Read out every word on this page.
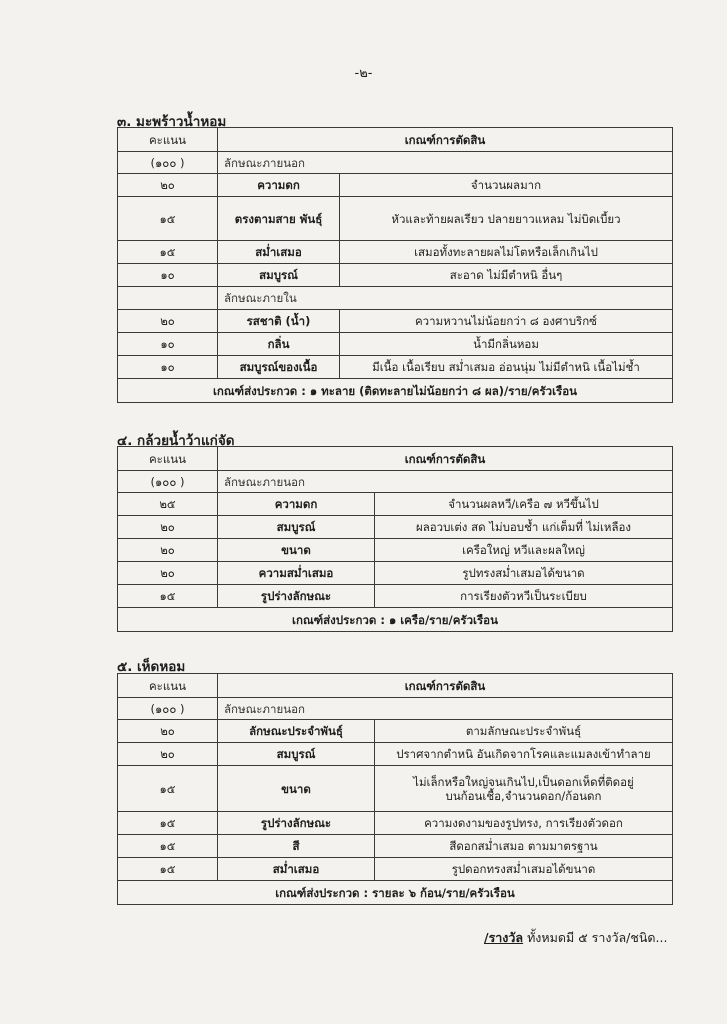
-๒-
๓. มะพร้าวน้ำหอม
คะแนน	เกณฑ์การตัดสิน	
(๑๐๐ )	ลักษณะภายนอก	
๒๐	ความดก	จำนวนผลมาก
๑๕	ตรงตามสาย พันธุ์	หัวและท้ายผลเรียว ปลายยาวแหลม ไม่บิดเบี้ยว
๑๕	สม่ำเสมอ	เสมอทั้งทะลายผลไม่โตหรือเล็กเกินไป
๑๐	สมบูรณ์	สะอาด ไม่มีตำหนิ อื่นๆ
	ลักษณะภายใน	
๒๐	รสชาติ (น้ำ)	ความหวานไม่น้อยกว่า ๘ องศาบริกซ์
๑๐	กลิ่น	น้ำมีกลิ่นหอม
๑๐	สมบูรณ์ของเนื้อ	มีเนื้อ เนื้อเรียบ สม่ำเสมอ อ่อนนุ่ม ไม่มีตำหนิ เนื้อไม่ช้ำ
เกณฑ์ส่งประกวด : ๑ ทะลาย (ติดทะลายไม่น้อยกว่า ๘ ผล)/ราย/ครัวเรือน		
๔. กล้วยน้ำว้าแก่จัด
คะแนน	เกณฑ์การตัดสิน	
(๑๐๐ )	ลักษณะภายนอก	
๒๕	ความดก	จำนวนผลหวี/เครือ ๗ หวีขึ้นไป
๒๐	สมบูรณ์	ผลอวบเต่ง สด ไม่บอบช้ำ แก่เต็มที่ ไม่เหลือง
๒๐	ขนาด	เครือใหญ่ หวีและผลใหญ่
๒๐	ความสม่ำเสมอ	รูปทรงสม่ำเสมอได้ขนาด
๑๕	รูปร่างลักษณะ	การเรียงตัวหวีเป็นระเบียบ
เกณฑ์ส่งประกวด : ๑ เครือ/ราย/ครัวเรือน		
๕. เห็ดหอม
คะแนน	เกณฑ์การตัดสิน	
(๑๐๐ )	ลักษณะภายนอก	
๒๐	ลักษณะประจำพันธุ์	ตามลักษณะประจำพันธุ์
๒๐	สมบูรณ์	ปราศจากตำหนิ อันเกิดจากโรคและแมลงเข้าทำลาย
๑๕	ขนาด	ไม่เล็กหรือใหญ่จนเกินไป,เป็นดอกเห็ดที่ติดอยู่
บนก้อนเชื้อ,จำนวนดอก/ก้อนดก

๑๕	รูปร่างลักษณะ	ความงดงามของรูปทรง, การเรียงตัวดอก
๑๕	สี	สีดอกสม่ำเสมอ ตามมาตรฐาน
๑๕	สม่ำเสมอ	รูปดอกทรงสม่ำเสมอได้ขนาด
เกณฑ์ส่งประกวด : รายละ ๖ ก้อน/ราย/ครัวเรือน		
/รางวัล ทั้งหมดมี ๕ รางวัล/ชนิด...
